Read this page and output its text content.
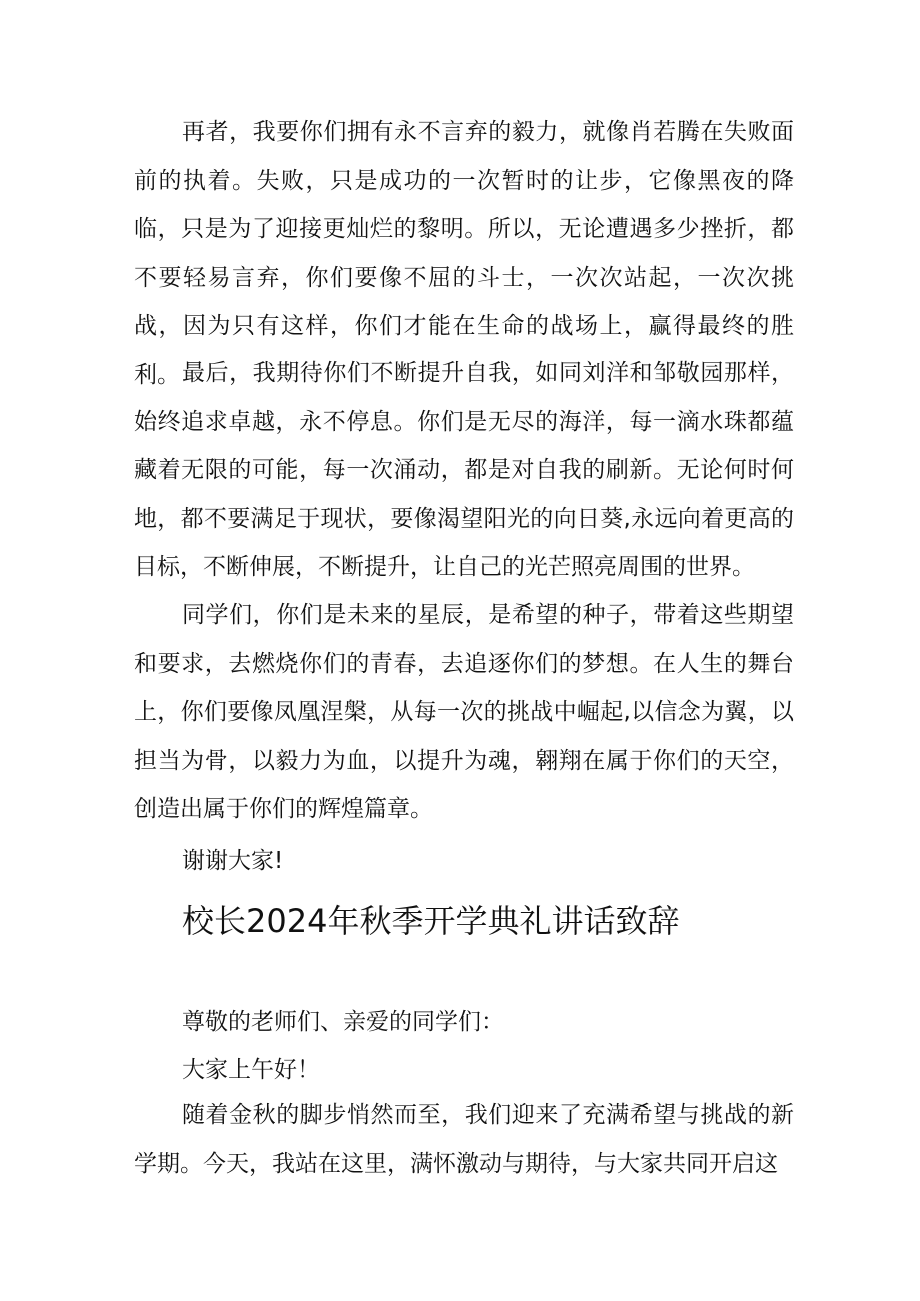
再者，我要你们拥有永不言弃的毅力，就像肖若腾在失败面前的执着。失败，只是成功的一次暂时的让步，它像黑夜的降临，只是为了迎接更灿烂的黎明。所以，无论遭遇多少挫折，都不要轻易言弃，你们要像不屈的斗士，一次次站起，一次次挑战，因为只有这样，你们才能在生命的战场上，赢得最终的胜利。 最后，我期待你们不断提升自我，如同刘洋和邹敬园那样，始终追求卓越，永不停息。你们是无尽的海洋，每一滴水珠都蕴藏着无限的可能，每一次涌动，都是对自我的刷新。无论何时何地，都不要满足于现状，要像渴望阳光的向日葵,永远向着更高的目标，不断伸展，不断提升，让自己的光芒照亮周围的世界。

同学们，你们是未来的星辰，是希望的种子，带着这些期望和要求，去燃烧你们的青春，去追逐你们的梦想。在人生的舞台上，你们要像凤凰涅槃，从每一次的挑战中崛起,以信念为翼，以担当为骨，以毅力为血，以提升为魂，翱翔在属于你们的天空，创造出属于你们的辉煌篇章。

谢谢大家!

校长2024年秋季开学典礼讲话致辞

尊敬的老师们、亲爱的同学们：

大家上午好！

随着金秋的脚步悄然而至，我们迎来了充满希望与挑战的新学期。今天，我站在这里，满怀激动与期待，与大家共同开启这
